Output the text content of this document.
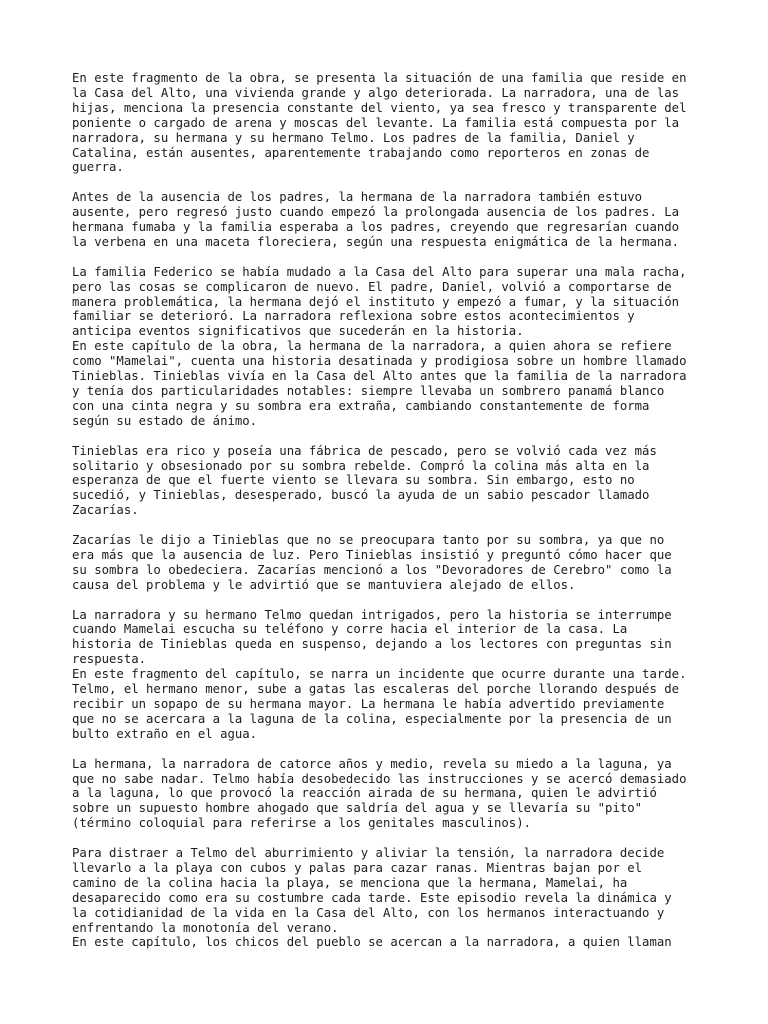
En este fragmento de la obra, se presenta la situación de una familia que reside en
la Casa del Alto, una vivienda grande y algo deteriorada. La narradora, una de las
hijas, menciona la presencia constante del viento, ya sea fresco y transparente del
poniente o cargado de arena y moscas del levante. La familia está compuesta por la
narradora, su hermana y su hermano Telmo. Los padres de la familia, Daniel y
Catalina, están ausentes, aparentemente trabajando como reporteros en zonas de
guerra.

Antes de la ausencia de los padres, la hermana de la narradora también estuvo
ausente, pero regresó justo cuando empezó la prolongada ausencia de los padres. La
hermana fumaba y la familia esperaba a los padres, creyendo que regresarían cuando
la verbena en una maceta floreciera, según una respuesta enigmática de la hermana.

La familia Federico se había mudado a la Casa del Alto para superar una mala racha,
pero las cosas se complicaron de nuevo. El padre, Daniel, volvió a comportarse de
manera problemática, la hermana dejó el instituto y empezó a fumar, y la situación
familiar se deterioró. La narradora reflexiona sobre estos acontecimientos y
anticipa eventos significativos que sucederán en la historia.

En este capítulo de la obra, la hermana de la narradora, a quien ahora se refiere
como "Mamelai", cuenta una historia desatinada y prodigiosa sobre un hombre llamado
Tinieblas. Tinieblas vivía en la Casa del Alto antes que la familia de la narradora
y tenía dos particularidades notables: siempre llevaba un sombrero panamá blanco
con una cinta negra y su sombra era extraña, cambiando constantemente de forma
según su estado de ánimo.

Tinieblas era rico y poseía una fábrica de pescado, pero se volvió cada vez más
solitario y obsesionado por su sombra rebelde. Compró la colina más alta en la
esperanza de que el fuerte viento se llevara su sombra. Sin embargo, esto no
sucedió, y Tinieblas, desesperado, buscó la ayuda de un sabio pescador llamado
Zacarías.

Zacarías le dijo a Tinieblas que no se preocupara tanto por su sombra, ya que no
era más que la ausencia de luz. Pero Tinieblas insistió y preguntó cómo hacer que
su sombra lo obedeciera. Zacarías mencionó a los "Devoradores de Cerebro" como la
causa del problema y le advirtió que se mantuviera alejado de ellos.

La narradora y su hermano Telmo quedan intrigados, pero la historia se interrumpe
cuando Mamelai escucha su teléfono y corre hacia el interior de la casa. La
historia de Tinieblas queda en suspenso, dejando a los lectores con preguntas sin
respuesta.

En este fragmento del capítulo, se narra un incidente que ocurre durante una tarde.
Telmo, el hermano menor, sube a gatas las escaleras del porche llorando después de
recibir un sopapo de su hermana mayor. La hermana le había advertido previamente
que no se acercara a la laguna de la colina, especialmente por la presencia de un
bulto extraño en el agua.

La hermana, la narradora de catorce años y medio, revela su miedo a la laguna, ya
que no sabe nadar. Telmo había desobedecido las instrucciones y se acercó demasiado
a la laguna, lo que provocó la reacción airada de su hermana, quien le advirtió
sobre un supuesto hombre ahogado que saldría del agua y se llevaría su "pito"
(término coloquial para referirse a los genitales masculinos).

Para distraer a Telmo del aburrimiento y aliviar la tensión, la narradora decide
llevarlo a la playa con cubos y palas para cazar ranas. Mientras bajan por el
camino de la colina hacia la playa, se menciona que la hermana, Mamelai, ha
desaparecido como era su costumbre cada tarde. Este episodio revela la dinámica y
la cotidianidad de la vida en la Casa del Alto, con los hermanos interactuando y
enfrentando la monotonía del verano.

En este capítulo, los chicos del pueblo se acercan a la narradora, a quien llaman
